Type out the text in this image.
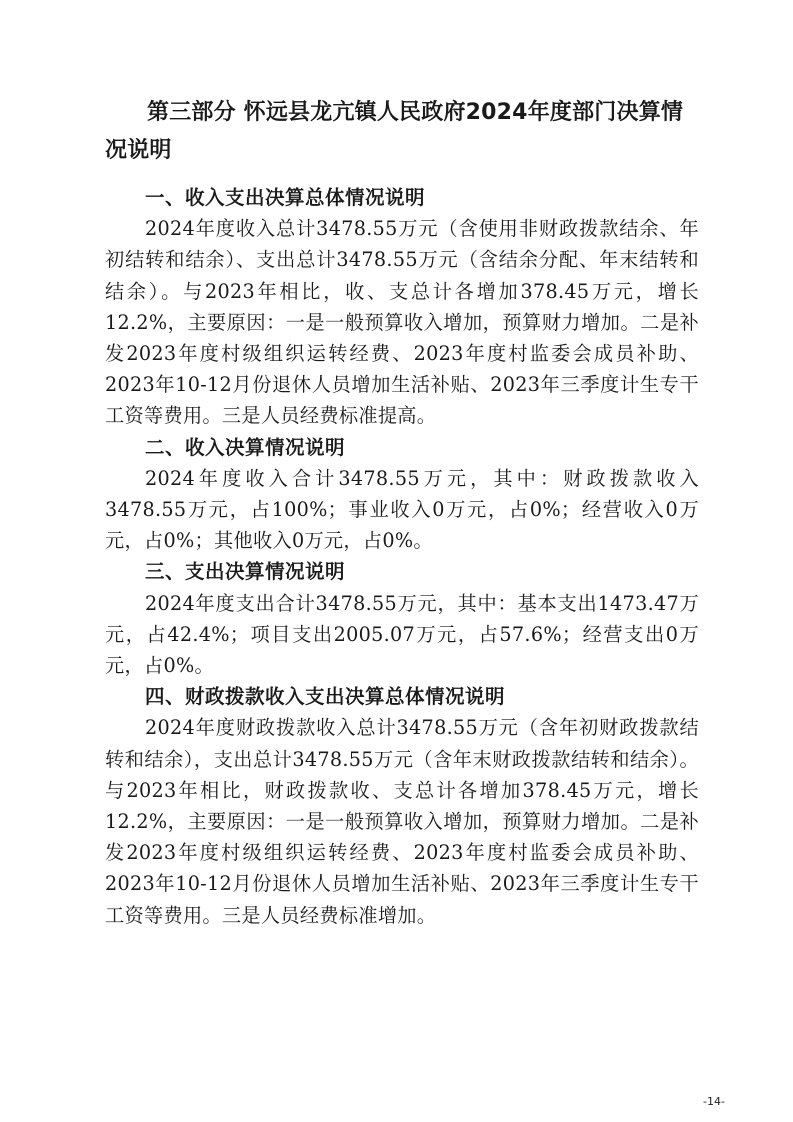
第三部分 怀远县龙亢镇人民政府2024年度部门决算情况说明

一、收入支出决算总体情况说明

2024年度收入总计3478.55万元（含使用非财政拨款结余、年初结转和结余）、支出总计3478.55万元（含结余分配、年末结转和结余）。与2023年相比，收、支总计各增加378.45万元，增长12.2%，主要原因：一是一般预算收入增加，预算财力增加。二是补发2023年度村级组织运转经费、2023年度村监委会成员补助、2023年10-12月份退休人员增加生活补贴、2023年三季度计生专干工资等费用。三是人员经费标准提高。

二、收入决算情况说明

2024年度收入合计3478.55万元，其中：财政拨款收入3478.55万元，占100%；事业收入0万元，占0%；经营收入0万元，占0%；其他收入0万元，占0%。

三、支出决算情况说明

2024年度支出合计3478.55万元，其中：基本支出1473.47万元，占42.4%；项目支出2005.07万元，占57.6%；经营支出0万元，占0%。

四、财政拨款收入支出决算总体情况说明

2024年度财政拨款收入总计3478.55万元（含年初财政拨款结转和结余），支出总计3478.55万元（含年末财政拨款结转和结余）。与2023年相比，财政拨款收、支总计各增加378.45万元，增长12.2%，主要原因：一是一般预算收入增加，预算财力增加。二是补发2023年度村级组织运转经费、2023年度村监委会成员补助、2023年10-12月份退休人员增加生活补贴、2023年三季度计生专干工资等费用。三是人员经费标准增加。

-14-
